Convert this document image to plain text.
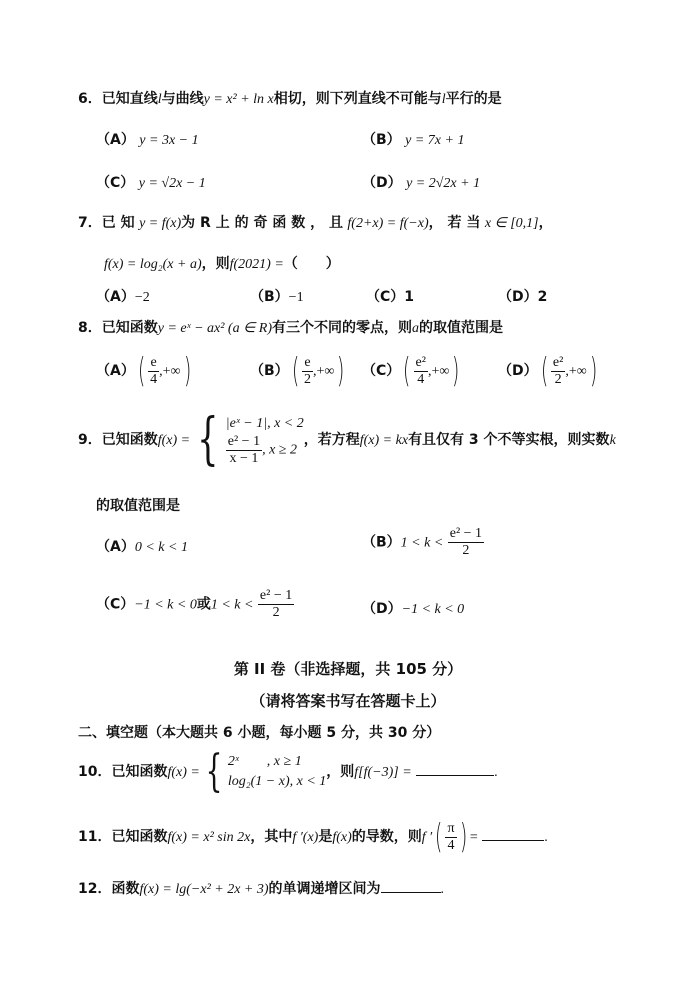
6．已知直线l与曲线y = x² + ln x相切，则下列直线不可能与l平行的是
（A） y = 3x − 1	（B） y = 7x + 1
（C） y = √2x − 1	（D） y = 2√2x + 1
7．已 知 y = f(x)为 R 上 的 奇 函 数 ， 且 f(2+x) = f(−x)， 若 当 x ∈ [0,1]，
f(x) = log₂(x + a)，则f(2021) =（　　）
（A）−2	（B）−1	（C）1	（D）2
8．已知函数y = eˣ − ax² (a ∈ R)有三个不同的零点，则a的取值范围是
$(A)( \frac{e}{4}$ ,+∞)	$(B)( \frac{e}{2}$ ,+∞) $(C)( \frac{\text{e²}}{4}$ ,+∞)	$(D)( \frac{\text{e²}}{2}$ ,+∞)
9．已知函数f(x) = { |eˣ − 1|, x < 2
$\frac{\text{e² − 1}}{x - 1}$ , x ≥ 2
，若方程f(x) = kx有且仅有 3 个不等实根，则实数k
的取值范围是
（A）0 < k < 1	$(B)1 < k < \frac{\text{e² − 1}}{2}$
（C）−1 < k < 0或$1 < k < \frac{\text{e² − 1}}{2}$	（D）−1 < k < 0
第 II 卷（非选择题，共 105 分）
（请将答案书写在答题卡上）
二、填空题（本大题共 6 小题，每小题 5 分，共 30 分）
10．已知函数f(x) = { 2ˣ　　, x ≥ 1
log₂(1 − x), x < 1
，则f[f(−3)] =	.
11．已知函数f(x) = x² sin 2x，其中f ′(x)是f(x)的导数，则f ′( $\frac{\pi}{4}$ ) =	.
12．函数f(x) = lg(−x² + 2x + 3)的单调递增区间为	.
